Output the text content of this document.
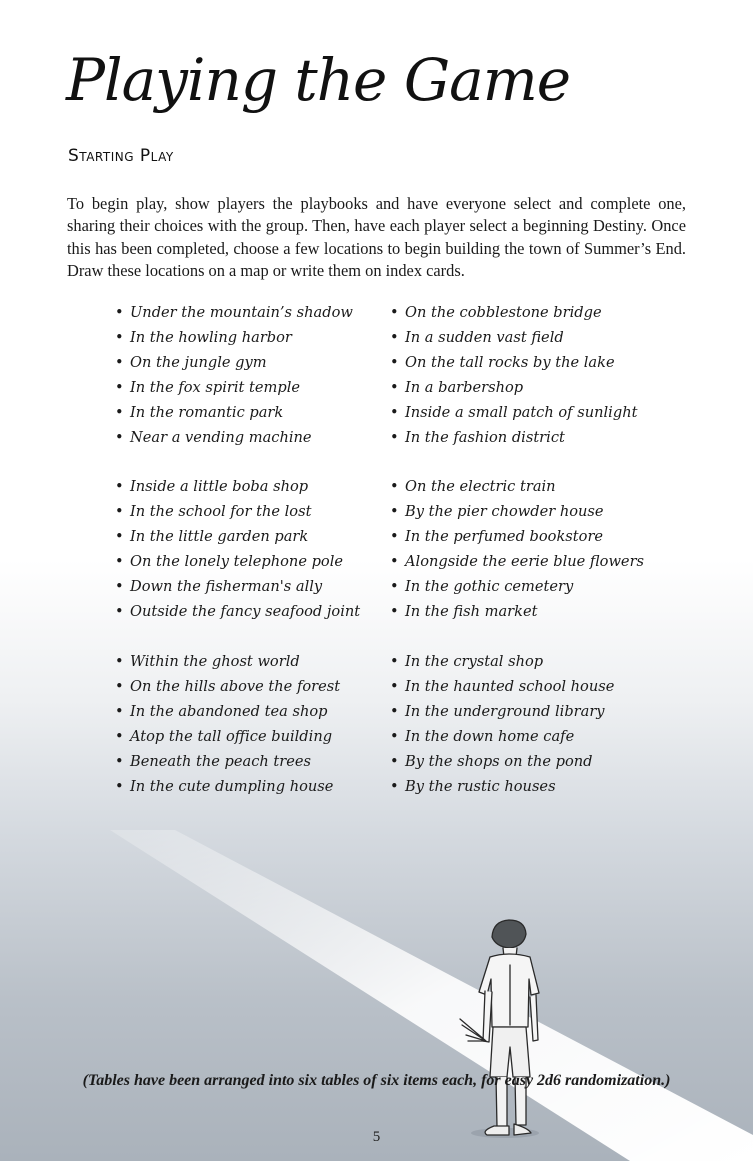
Playing the Game
Starting Play

To begin play, show players the playbooks and have everyone select and complete one, sharing their choices with the group. Then, have each player select a beginning Destiny. Once this has been completed, choose a few locations to begin building the town of Summer’s End. Draw these locations on a map or write them on index cards.

• Under the mountain’s shadow
• In the howling harbor
• On the jungle gym
• In the fox spirit temple
• In the romantic park
• Near a vending machine
• On the cobblestone bridge
• In a sudden vast field
• On the tall rocks by the lake
• In a barbershop
• Inside a small patch of sunlight
• In the fashion district
• Inside a little boba shop
• In the school for the lost
• In the little garden park
• On the lonely telephone pole
• Down the fisherman's ally
• Outside the fancy seafood joint
• On the electric train
• By the pier chowder house
• In the perfumed bookstore
• Alongside the eerie blue flowers
• In the gothic cemetery
• In the fish market
• Within the ghost world
• On the hills above the forest
• In the abandoned tea shop
• Atop the tall office building
• Beneath the peach trees
• In the cute dumpling house
• In the crystal shop
• In the haunted school house
• In the underground library
• In the down home cafe
• By the shops on the pond
• By the rustic houses
(Tables have been arranged into six tables of six items each, for easy 2d6 randomization.)
5
